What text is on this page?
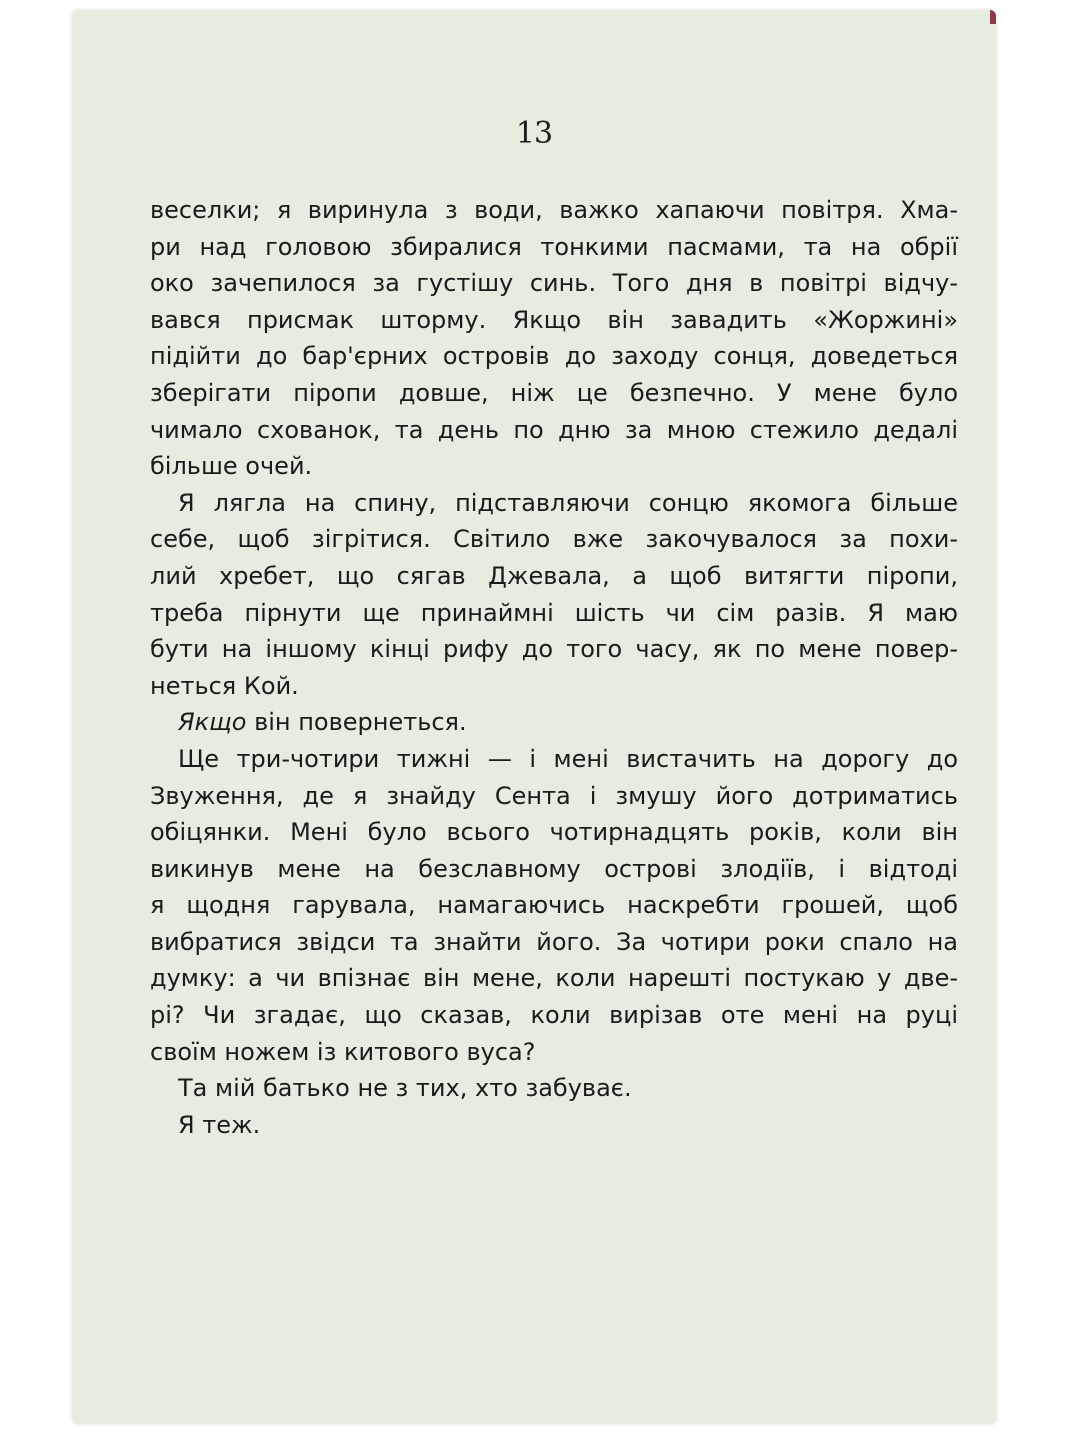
13
веселки; я виринула з води, важко хапаючи повітря. Хма-
ри над головою збиралися тонкими пасмами, та на обрії
око зачепилося за густішу синь. Того дня в повітрі відчу-
вався присмак шторму. Якщо він завадить «Жоржині»
підійти до бар'єрних островів до заходу сонця, доведеться
зберігати піропи довше, ніж це безпечно. У мене було
чимало схованок, та день по дню за мною стежило дедалі
більше очей.
Я лягла на спину, підставляючи сонцю якомога більше
себе, щоб зігрітися. Світило вже закочувалося за похи-
лий хребет, що сягав Джевала, а щоб витягти піропи,
треба пірнути ще принаймні шість чи сім разів. Я маю
бути на іншому кінці рифу до того часу, як по мене повер-
неться Кой.
Якщо він повернеться.
Ще три-чотири тижні — і мені вистачить на дорогу до
Звуження, де я знайду Сента і змушу його дотриматись
обіцянки. Мені було всього чотирнадцять років, коли він
викинув мене на безславному острові злодіїв, і відтоді
я щодня гарувала, намагаючись наскребти грошей, щоб
вибратися звідси та знайти його. За чотири роки спало на
думку: а чи впізнає він мене, коли нарешті постукаю у две-
рі? Чи згадає, що сказав, коли вирізав оте мені на руці
своїм ножем із китового вуса?
Та мій батько не з тих, хто забуває.
Я теж.
